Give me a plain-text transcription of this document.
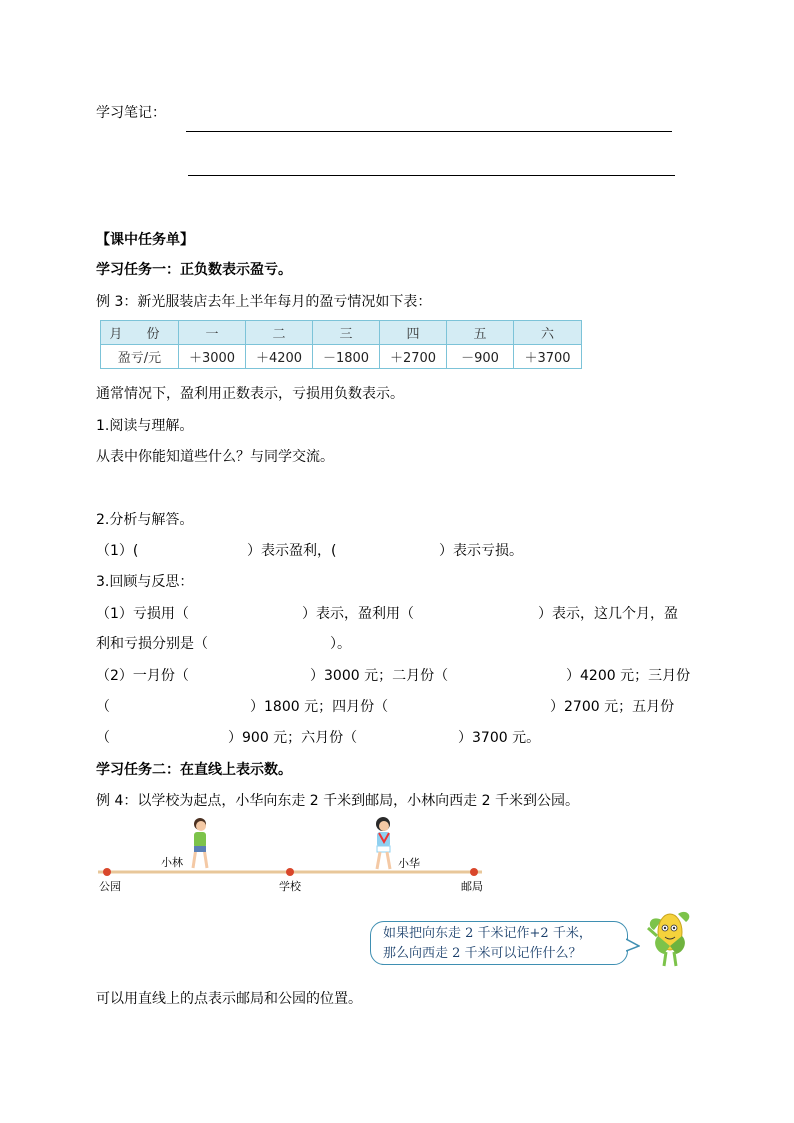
学习笔记：
【课中任务单】
学习任务一：正负数表示盈亏。
例 3：新光服装店去年上半年每月的盈亏情况如下表：
月 份	一	二	三	四	五	六
盈亏/元	＋3000	＋4200	－1800	＋2700	－900	＋3700
通常情况下，盈利用正数表示，亏损用负数表示。
1.阅读与理解。
从表中你能知道些什么？与同学交流。
2.分析与解答。
（1）(	）表示盈利，(	）表示亏损。
3.回顾与反思：
（1）亏损用（	）表示，盈利用（	）表示，这几个月，盈
利和亏损分别是（	）。
（2）一月份（	）3000 元；二月份（	）4200 元；三月份
（	）1800 元；四月份（	）2700 元；五月份
（	）900 元；六月份（	）3700 元。
学习任务二：在直线上表示数。
例 4：以学校为起点，小华向东走 2 千米到邮局，小林向西走 2 千米到公园。
小林	小华
公园	学校	邮局
如果把向东走 2 千米记作+2 千米，
那么向西走 2 千米可以记作什么？
可以用直线上的点表示邮局和公园的位置。
